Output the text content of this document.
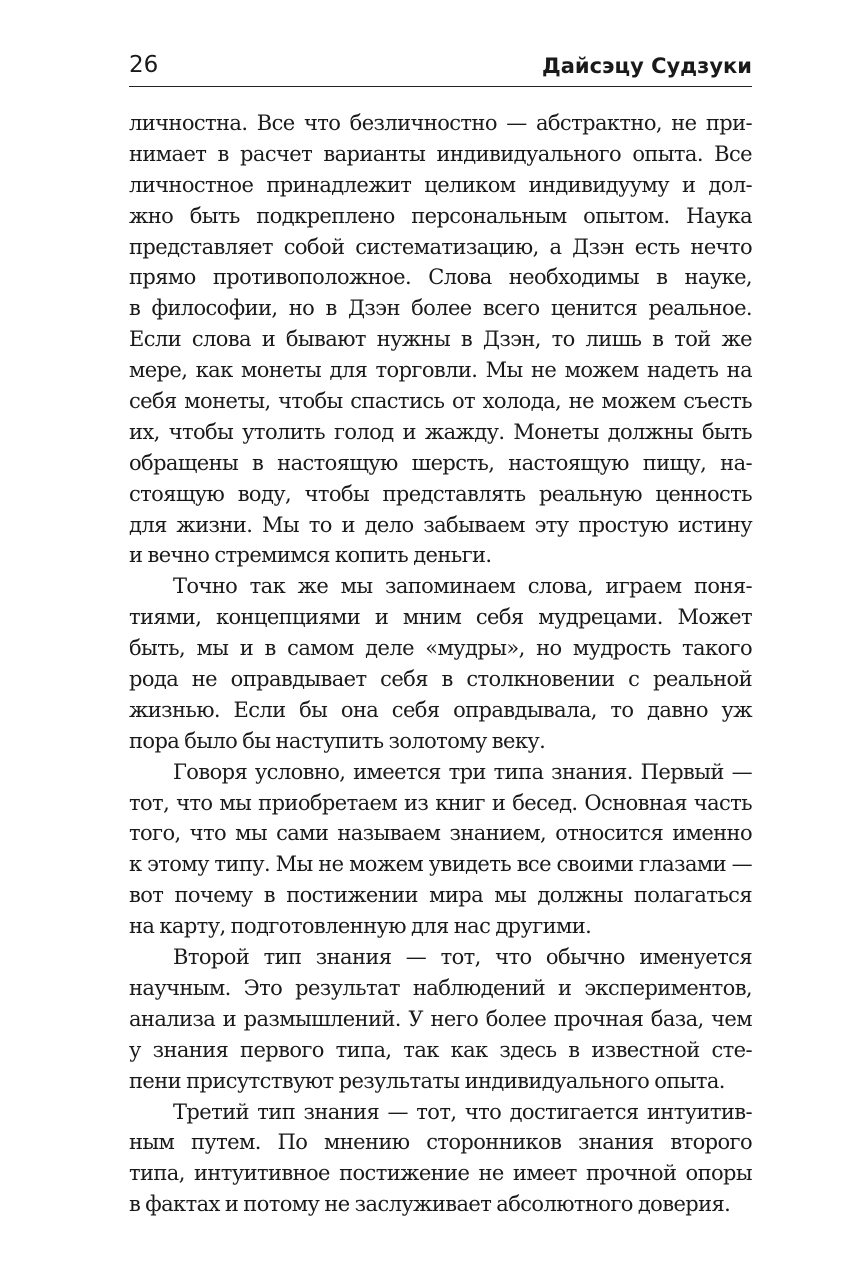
26	Дайсэцу Судзуки
личностна. Все что безличностно — абстрактно, не при-
нимает в расчет варианты индивидуального опыта. Все
личностное принадлежит целиком индивидууму и дол-
жно быть подкреплено персональным опытом. Наука
представляет собой систематизацию, а Дзэн есть нечто
прямо противоположное. Слова необходимы в науке,
в философии, но в Дзэн более всего ценится реальное.
Если слова и бывают нужны в Дзэн, то лишь в той же
мере, как монеты для торговли. Мы не можем надеть на
себя монеты, чтобы спастись от холода, не можем съесть
их, чтобы утолить голод и жажду. Монеты должны быть
обращены в настоящую шерсть, настоящую пищу, на-
стоящую воду, чтобы представлять реальную ценность
для жизни. Мы то и дело забываем эту простую истину
и вечно стремимся копить деньги.
Точно так же мы запоминаем слова, играем поня-
тиями, концепциями и мним себя мудрецами. Может
быть, мы и в самом деле «мудры», но мудрость такого
рода не оправдывает себя в столкновении с реальной
жизнью. Если бы она себя оправдывала, то давно уж
пора было бы наступить золотому веку.
Говоря условно, имеется три типа знания. Первый —
тот, что мы приобретаем из книг и бесед. Основная часть
того, что мы сами называем знанием, относится именно
к этому типу. Мы не можем увидеть все своими глазами —
вот почему в постижении мира мы должны полагаться
на карту, подготовленную для нас другими.
Второй тип знания — тот, что обычно именуется
научным. Это результат наблюдений и экспериментов,
анализа и размышлений. У него более прочная база, чем
у знания первого типа, так как здесь в известной сте-
пени присутствуют результаты индивидуального опыта.
Третий тип знания — тот, что достигается интуитив-
ным путем. По мнению сторонников знания второго
типа, интуитивное постижение не имеет прочной опоры
в фактах и потому не заслуживает абсолютного доверия.
